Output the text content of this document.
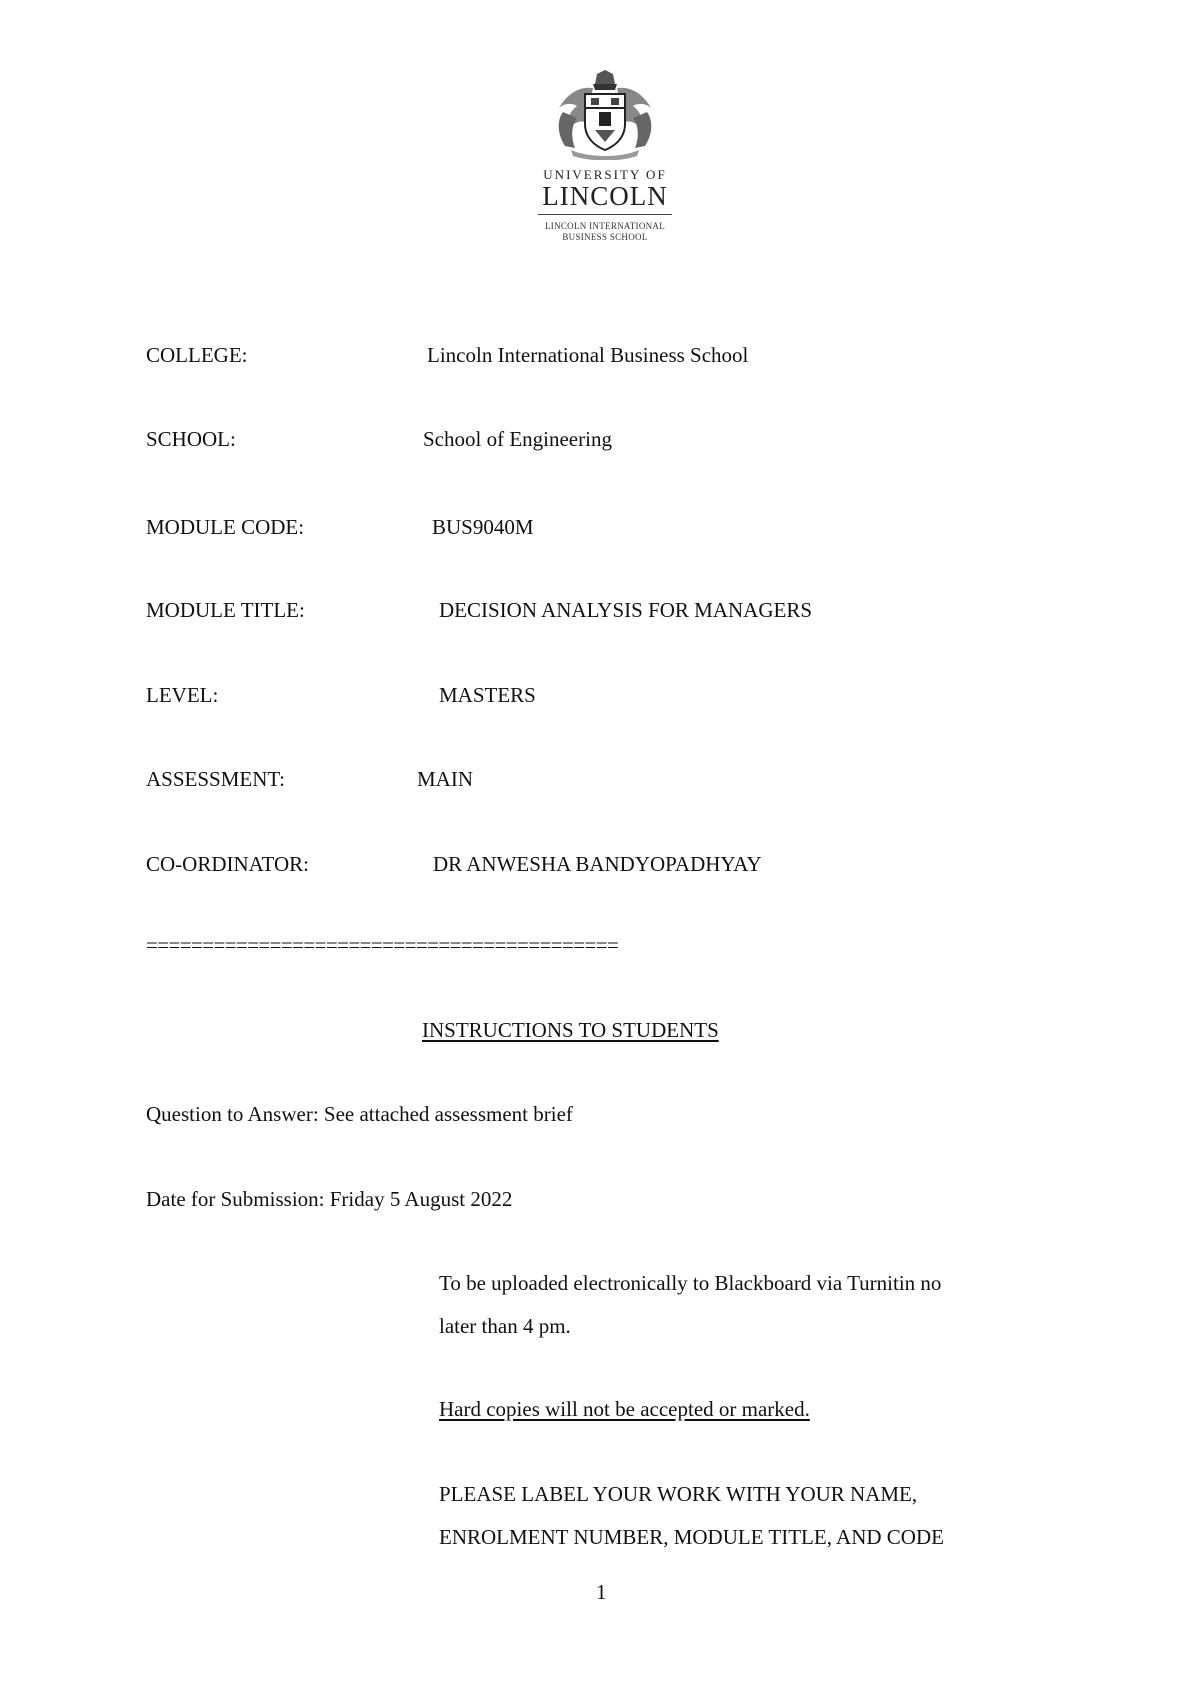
UNIVERSITY OF
LINCOLN
LINCOLN INTERNATIONAL
BUSINESS SCHOOL
COLLEGE:	Lincoln International Business School
SCHOOL:	School of Engineering
MODULE CODE:	BUS9040M
MODULE TITLE:	DECISION ANALYSIS FOR MANAGERS
LEVEL:	MASTERS
ASSESSMENT:	MAIN
CO-ORDINATOR:	DR ANWESHA BANDYOPADHYAY
==========================================
INSTRUCTIONS TO STUDENTS
Question to Answer: See attached assessment brief
Date for Submission: Friday 5 August 2022
To be uploaded electronically to Blackboard via Turnitin no
later than 4 pm.
Hard copies will not be accepted or marked.
PLEASE LABEL YOUR WORK WITH YOUR NAME,
ENROLMENT NUMBER, MODULE TITLE, AND CODE
1
